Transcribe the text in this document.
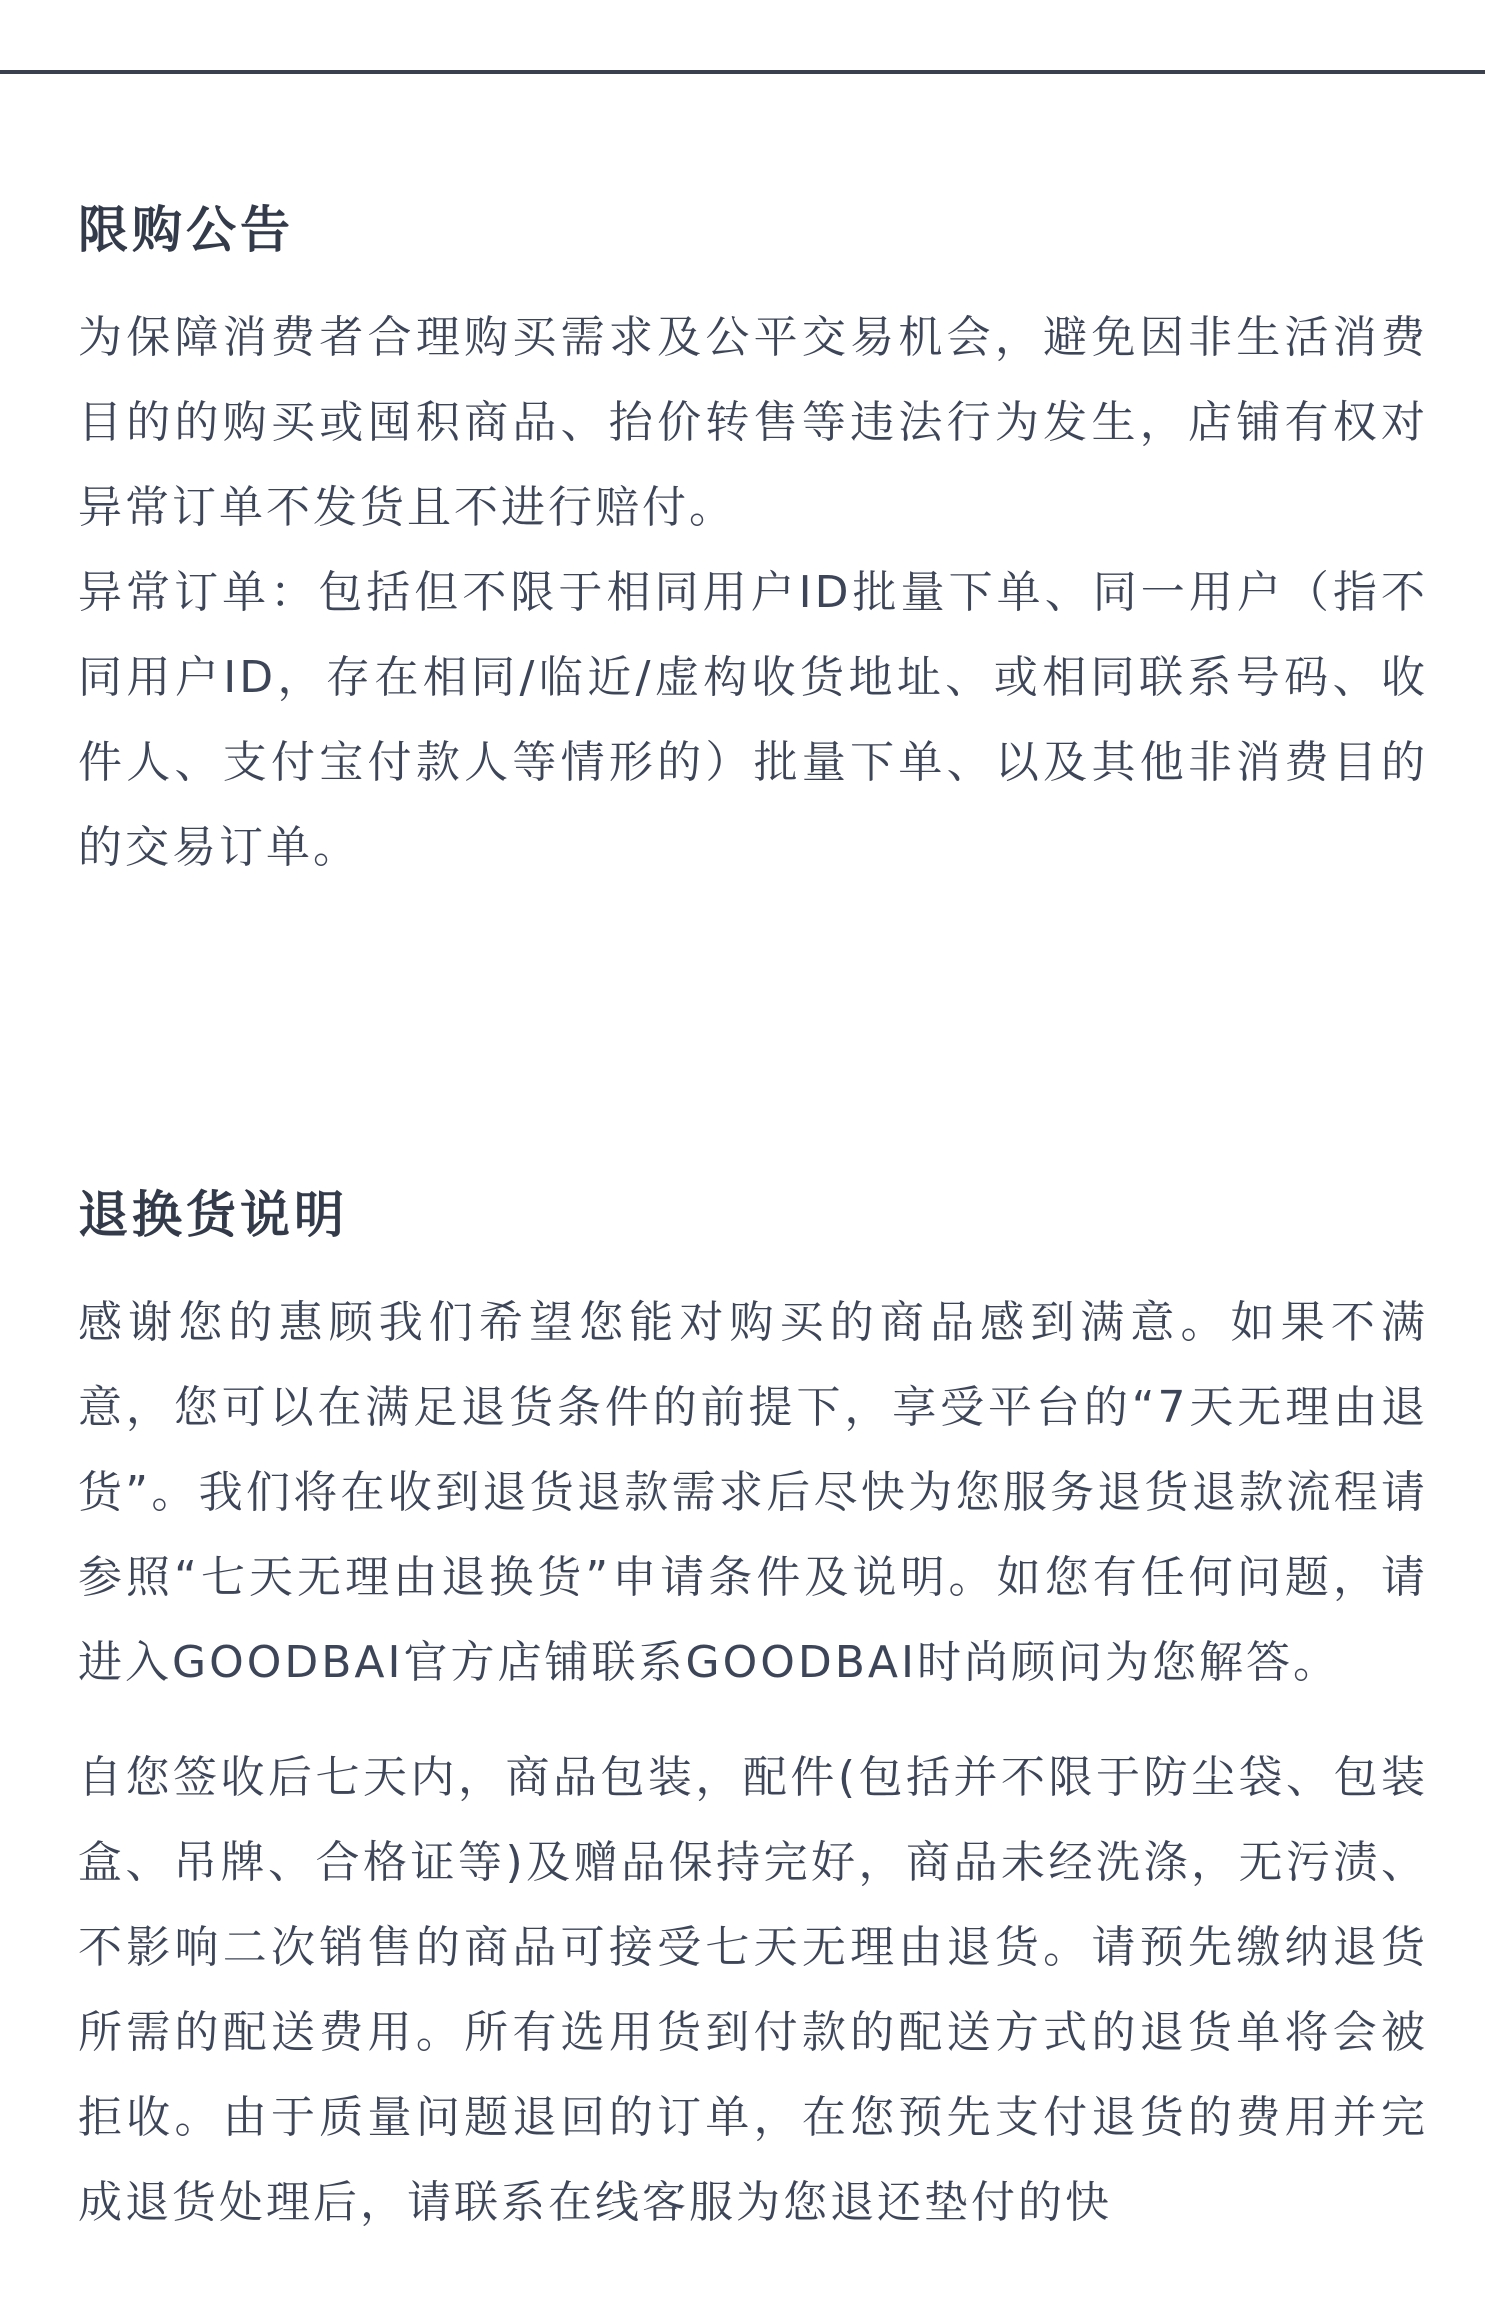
限购公告

为保障消费者合理购买需求及公平交易机会，避免因非生活消费目的的购买或囤积商品、抬价转售等违法行为发生，店铺有权对异常订单不发货且不进行赔付。

异常订单：包括但不限于相同用户ID批量下单、同一用户（指不同用户ID，存在相同/临近/虚构收货地址、或相同联系号码、收件人、支付宝付款人等情形的）批量下单、以及其他非消费目的的交易订单。

退换货说明

感谢您的惠顾我们希望您能对购买的商品感到满意。如果不满意，您可以在满足退货条件的前提下，享受平台的“7天无理由退货”。我们将在收到退货退款需求后尽快为您服务退货退款流程请参照“七天无理由退换货”申请条件及说明。如您有任何问题，请进入GOODBAI官方店铺联系GOODBAI时尚顾问为您解答。

自您签收后七天内，商品包装，配件(包括并不限于防尘袋、包装盒、吊牌、合格证等)及赠品保持完好，商品未经洗涤，无污渍、不影响二次销售的商品可接受七天无理由退货。请预先缴纳退货所需的配送费用。所有选用货到付款的配送方式的退货单将会被拒收。由于质量问题退回的订单，在您预先支付退货的费用并完成退货处理后，请联系在线客服为您退还垫付的快
